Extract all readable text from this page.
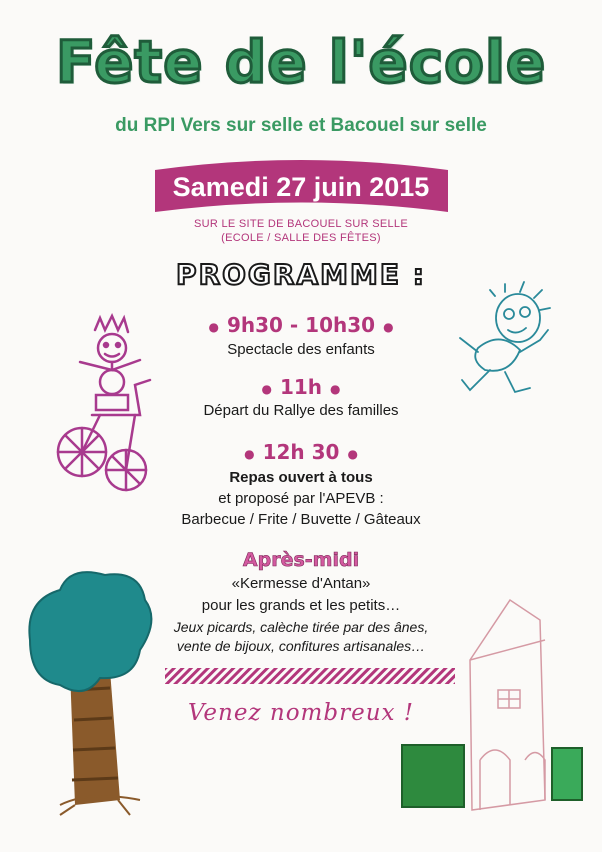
Fête de l'école
du RPI Vers sur selle et Bacouel sur selle
Samedi 27 juin 2015
SUR LE SITE DE BACOUEL SUR SELLE
(ECOLE / SALLE DES FÊTES)
PROGRAMME :
● 9h30 - 10h30 ●
Spectacle des enfants
● 11h ●
Départ du Rallye des familles
● 12h 30 ●
Repas ouvert à tous
et proposé par l'APEVB :
Barbecue / Frite / Buvette / Gâteaux
Après-midi
«Kermesse d'Antan»
pour les grands et les petits…
Jeux picards, calèche tirée par des ânes,
vente de bijoux, confitures artisanales…
Venez nombreux !
